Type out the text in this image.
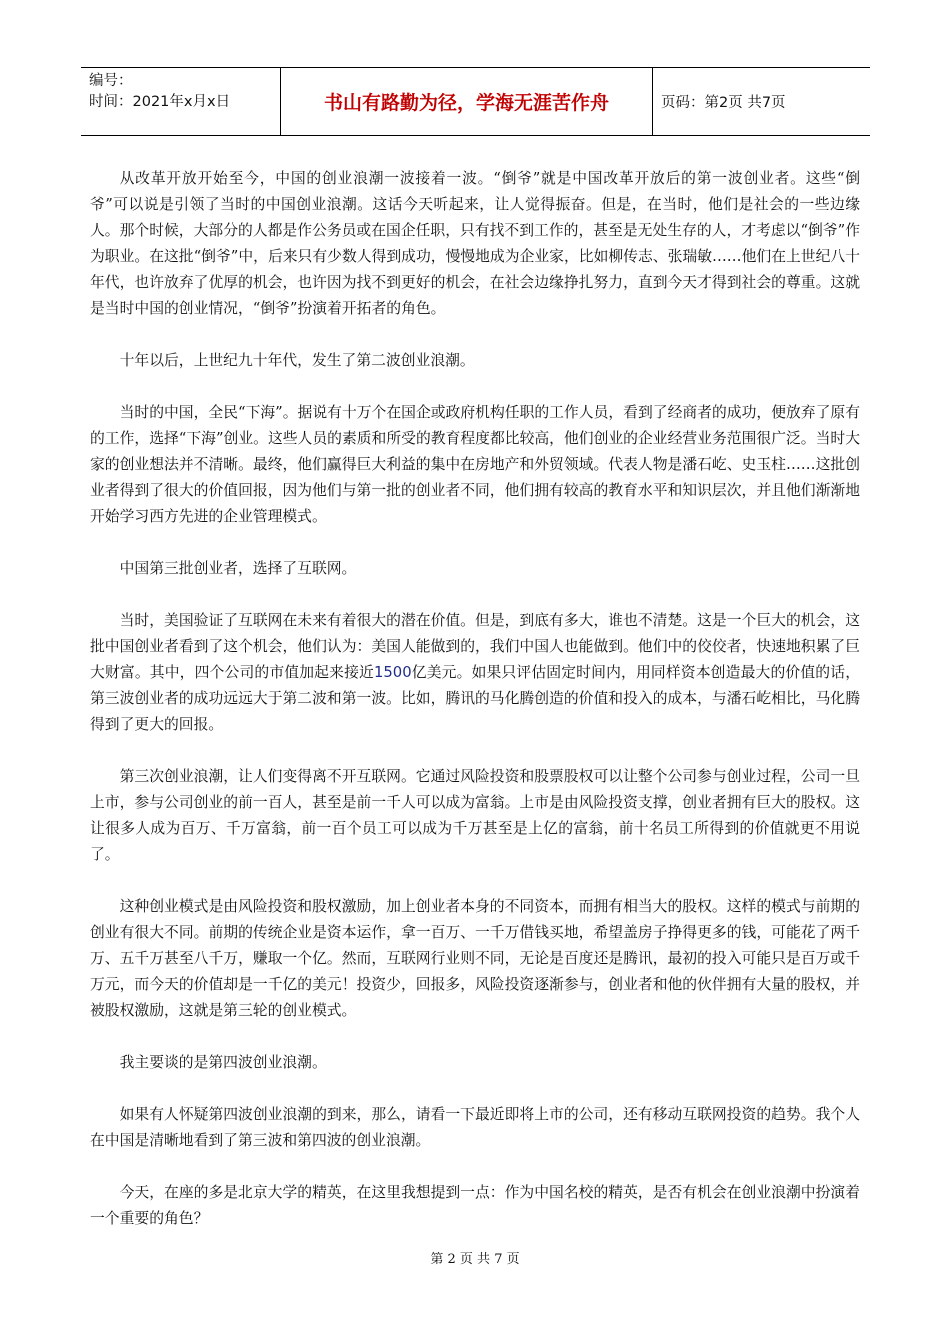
编号：
时间：2021年x月x日	书山有路勤为径，学海无涯苦作舟	页码：第2页 共7页

从改革开放开始至今，中国的创业浪潮一波接着一波。“倒爷”就是中国改革开放后的第一波创业者。这些“倒爷”可以说是引领了当时的中国创业浪潮。这话今天听起来，让人觉得振奋。但是，在当时，他们是社会的一些边缘人。那个时候，大部分的人都是作公务员或在国企任职，只有找不到工作的，甚至是无处生存的人，才考虑以“倒爷”作为职业。在这批“倒爷”中，后来只有少数人得到成功，慢慢地成为企业家，比如柳传志、张瑞敏……他们在上世纪八十年代，也许放弃了优厚的机会，也许因为找不到更好的机会，在社会边缘挣扎努力，直到今天才得到社会的尊重。这就是当时中国的创业情况，“倒爷”扮演着开拓者的角色。

十年以后，上世纪九十年代，发生了第二波创业浪潮。

当时的中国，全民“下海”。据说有十万个在国企或政府机构任职的工作人员，看到了经商者的成功，便放弃了原有的工作，选择“下海”创业。这些人员的素质和所受的教育程度都比较高，他们创业的企业经营业务范围很广泛。当时大家的创业想法并不清晰。最终，他们赢得巨大利益的集中在房地产和外贸领域。代表人物是潘石屹、史玉柱……这批创业者得到了很大的价值回报，因为他们与第一批的创业者不同，他们拥有较高的教育水平和知识层次，并且他们渐渐地开始学习西方先进的企业管理模式。

中国第三批创业者，选择了互联网。

当时，美国验证了互联网在未来有着很大的潜在价值。但是，到底有多大，谁也不清楚。这是一个巨大的机会，这批中国创业者看到了这个机会，他们认为：美国人能做到的，我们中国人也能做到。他们中的佼佼者，快速地积累了巨大财富。其中，四个公司的市值加起来接近1500亿美元。如果只评估固定时间内，用同样资本创造最大的价值的话，第三波创业者的成功远远大于第二波和第一波。比如，腾讯的马化腾创造的价值和投入的成本，与潘石屹相比，马化腾得到了更大的回报。

第三次创业浪潮，让人们变得离不开互联网。它通过风险投资和股票股权可以让整个公司参与创业过程，公司一旦上市，参与公司创业的前一百人，甚至是前一千人可以成为富翁。上市是由风险投资支撑，创业者拥有巨大的股权。这让很多人成为百万、千万富翁，前一百个员工可以成为千万甚至是上亿的富翁，前十名员工所得到的价值就更不用说了。

这种创业模式是由风险投资和股权激励，加上创业者本身的不同资本，而拥有相当大的股权。这样的模式与前期的创业有很大不同。前期的传统企业是资本运作，拿一百万、一千万借钱买地，希望盖房子挣得更多的钱，可能花了两千万、五千万甚至八千万，赚取一个亿。然而，互联网行业则不同，无论是百度还是腾讯，最初的投入可能只是百万或千万元，而今天的价值却是一千亿的美元！投资少，回报多，风险投资逐渐参与，创业者和他的伙伴拥有大量的股权，并被股权激励，这就是第三轮的创业模式。

我主要谈的是第四波创业浪潮。

如果有人怀疑第四波创业浪潮的到来，那么，请看一下最近即将上市的公司，还有移动互联网投资的趋势。我个人在中国是清晰地看到了第三波和第四波的创业浪潮。

今天，在座的多是北京大学的精英，在这里我想提到一点：作为中国名校的精英，是否有机会在创业浪潮中扮演着一个重要的角色？

第 2 页 共 7 页
